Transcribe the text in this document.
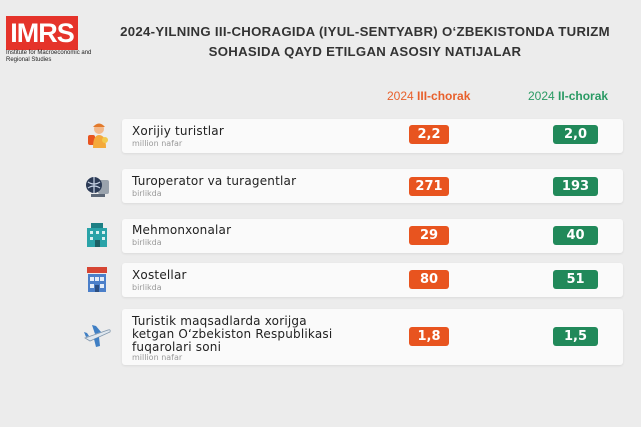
IMRS
Institute for Macroeconomic and Regional Studies
2024-YILNING III-CHORAGIDA (IYUL-SENTYABR) O‘ZBEKISTONDA TURIZM SOHASIDA QAYD ETILGAN ASOSIY NATIJALAR
2024 III-chorak	2024 II-chorak
Xorijiy turistlar
million nafar
2,2	2,0
Turoperator va turagentlar
birlikda	271	193
Mehmonxonalar
birlikda	29	40
Xostellar
birlikda
80	51
Turistik maqsadlarda xorijga
ketgan O‘zbekiston Respublikasi
fuqarolari soni
million nafar
1,8	1,5
